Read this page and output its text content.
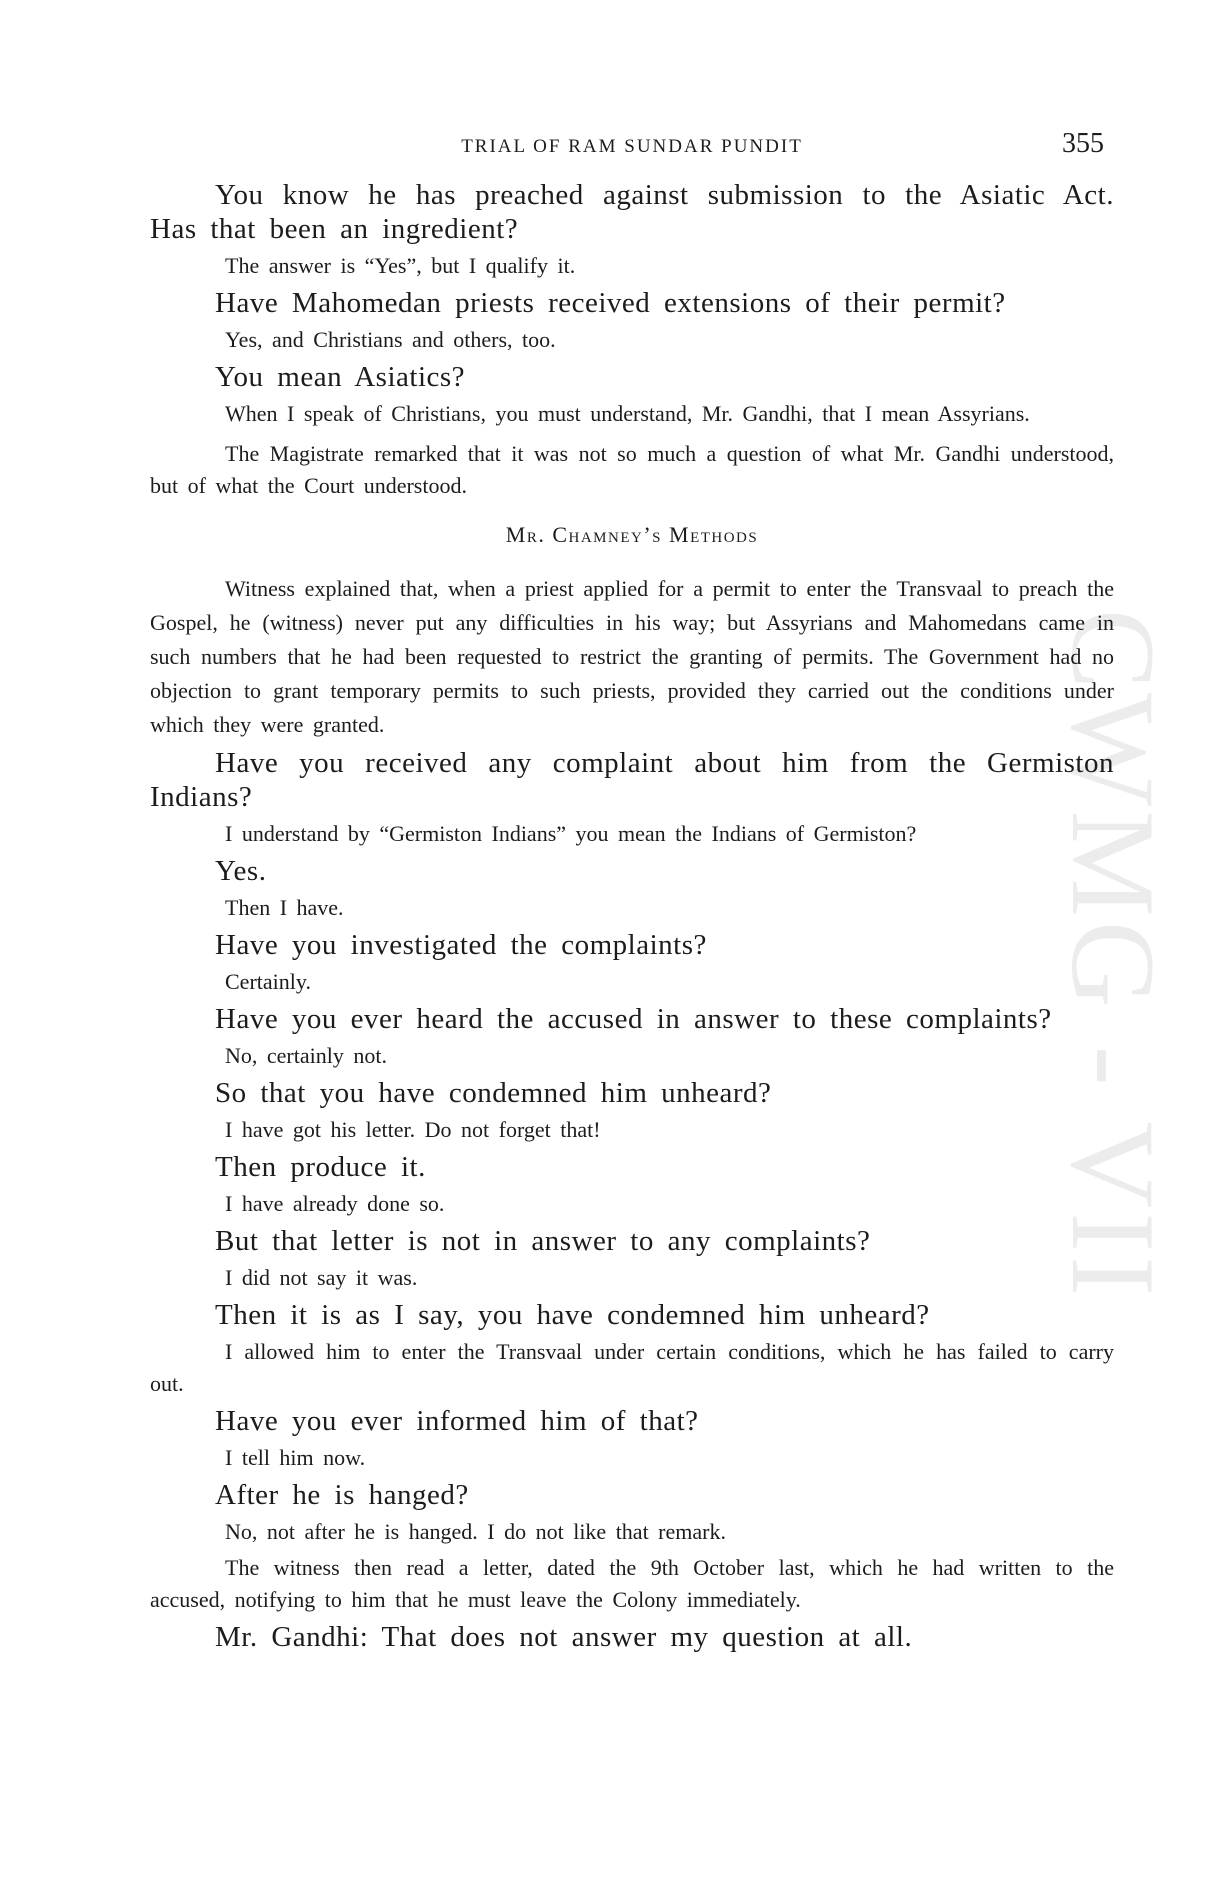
CWMG - VII
TRIAL OF RAM SUNDAR PUNDIT	355

You know he has preached against submission to the Asiatic Act. Has that been an ingredient?

The answer is “Yes”, but I qualify it.

Have Mahomedan priests received extensions of their permit?

Yes, and Christians and others, too.

You mean Asiatics?

When I speak of Christians, you must understand, Mr. Gandhi, that I mean Assyrians.

The Magistrate remarked that it was not so much a question of what Mr. Gandhi understood, but of what the Court understood.

Mr. Chamney’s Methods

Witness explained that, when a priest applied for a permit to enter the Transvaal to preach the Gospel, he (witness) never put any difficulties in his way; but Assyrians and Mahomedans came in such numbers that he had been requested to restrict the granting of permits. The Government had no objection to grant temporary permits to such priests, provided they carried out the conditions under which they were granted.

Have you received any complaint about him from the Germiston Indians?

I understand by “Germiston Indians” you mean the Indians of Germiston?

Yes.

Then I have.

Have you investigated the complaints?

Certainly.

Have you ever heard the accused in answer to these complaints?

No, certainly not.

So that you have condemned him unheard?

I have got his letter. Do not forget that!

Then produce it.

I have already done so.

But that letter is not in answer to any complaints?

I did not say it was.

Then it is as I say, you have condemned him unheard?

I allowed him to enter the Transvaal under certain conditions, which he has failed to carry out.

Have you ever informed him of that?

I tell him now.

After he is hanged?

No, not after he is hanged. I do not like that remark.

The witness then read a letter, dated the 9th October last, which he had written to the accused, notifying to him that he must leave the Colony immediately.

Mr. Gandhi: That does not answer my question at all.
